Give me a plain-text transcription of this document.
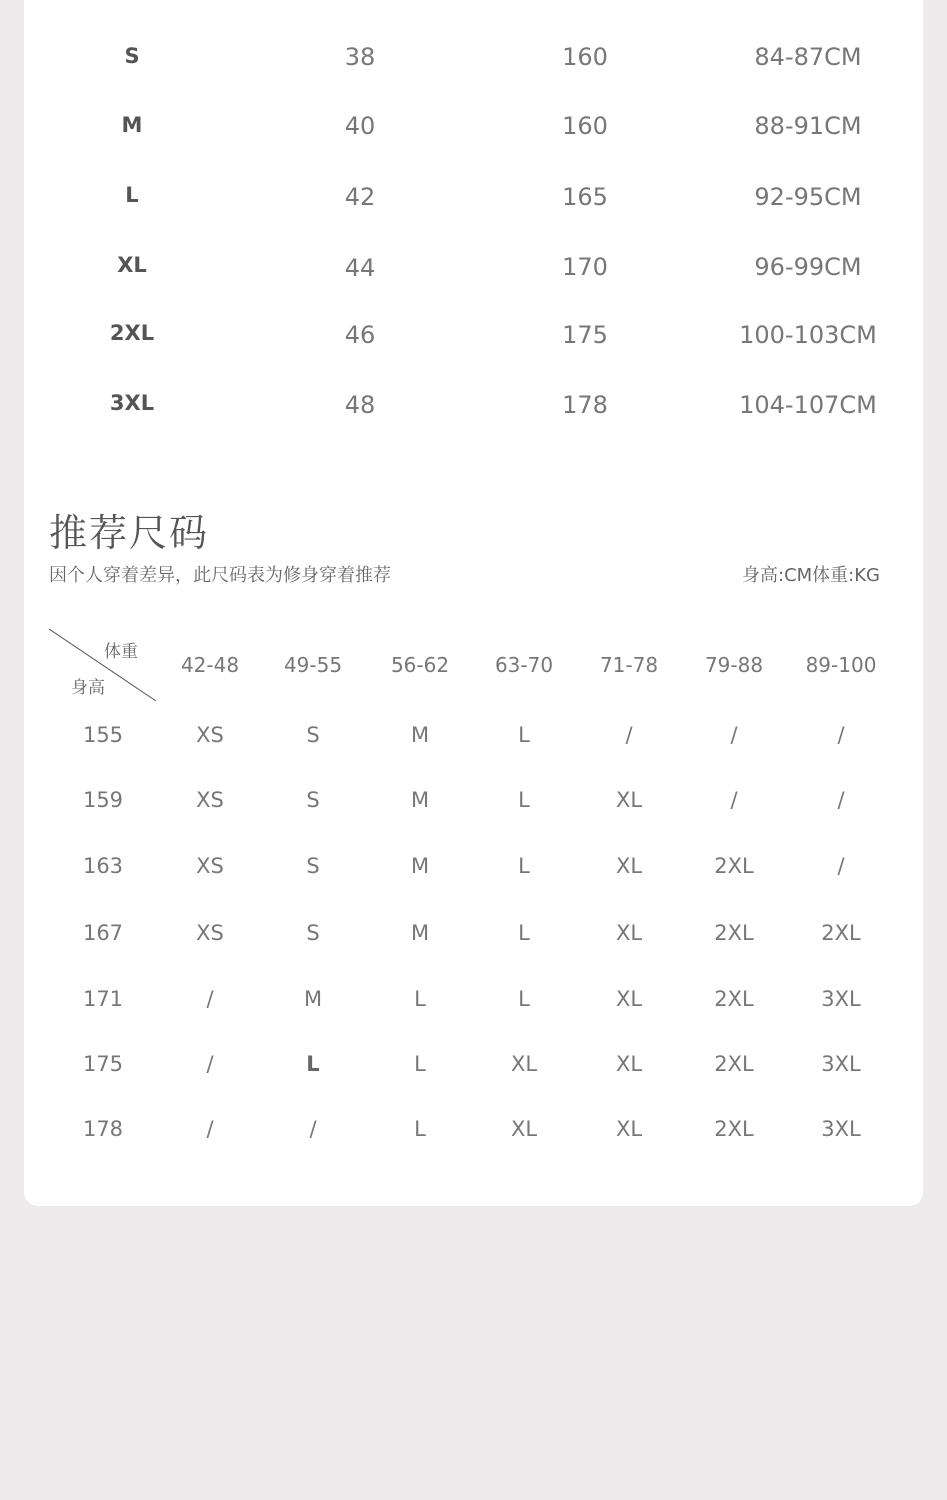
S	38	160	84-87CM
M	40	160	88-91CM
L	42	165	92-95CM
XL	44	170	96-99CM
2XL	46	175	100-103CM
3XL	48	178	104-107CM
推荐尺码
因个人穿着差异，此尺码表为修身穿着推荐	身高:CM体重:KG
体重
身高
42-48 49-55 56-62 63-70 71-78 79-88 89-100
155	XS	S	M	L	/	/	/
159	XS	S	M	L	XL	/	/
163	XS	S	M	L	XL	2XL	/
167	XS	S	M	L	XL	2XL	2XL
171	/	M	L	L	XL	2XL	3XL
175	/	L	L	XL	XL	2XL	3XL
178	/	/	L	XL	XL	2XL	3XL
